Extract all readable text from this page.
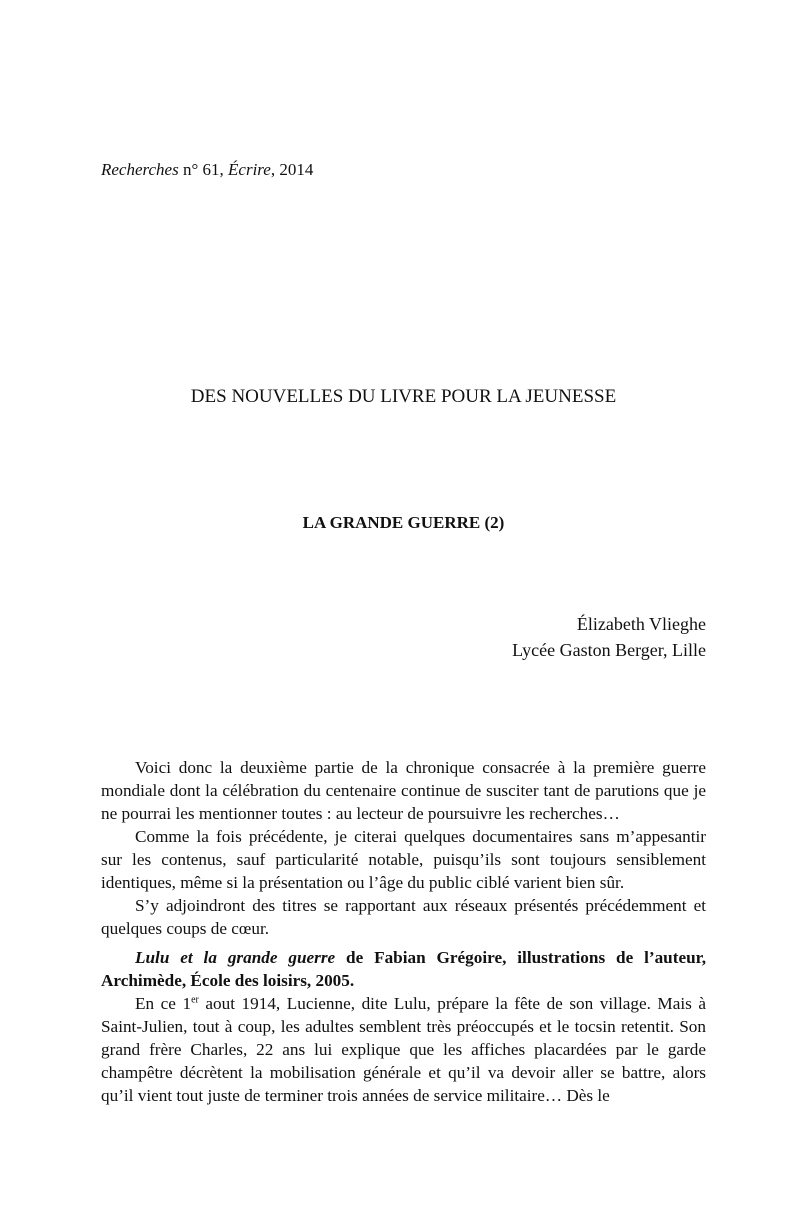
Recherches n° 61, Écrire, 2014
DES NOUVELLES DU LIVRE POUR LA JEUNESSE
LA GRANDE GUERRE (2)
Élizabeth Vlieghe
Lycée Gaston Berger, Lille

Voici donc la deuxième partie de la chronique consacrée à la première guerre mondiale dont la célébration du centenaire continue de susciter tant de parutions que je ne pourrai les mentionner toutes : au lecteur de poursuivre les recherches…

Comme la fois précédente, je citerai quelques documentaires sans m’appesantir sur les contenus, sauf particularité notable, puisqu’ils sont toujours sensiblement identiques, même si la présentation ou l’âge du public ciblé varient bien sûr.

S’y adjoindront des titres se rapportant aux réseaux présentés précédemment et quelques coups de cœur.

Lulu et la grande guerre de Fabian Grégoire, illustrations de l’auteur, Archimède, École des loisirs, 2005.

En ce 1er aout 1914, Lucienne, dite Lulu, prépare la fête de son village. Mais à Saint-Julien, tout à coup, les adultes semblent très préoccupés et le tocsin retentit. Son grand frère Charles, 22 ans lui explique que les affiches placardées par le garde champêtre décrètent la mobilisation générale et qu’il va devoir aller se battre, alors qu’il vient tout juste de terminer trois années de service militaire… Dès le
